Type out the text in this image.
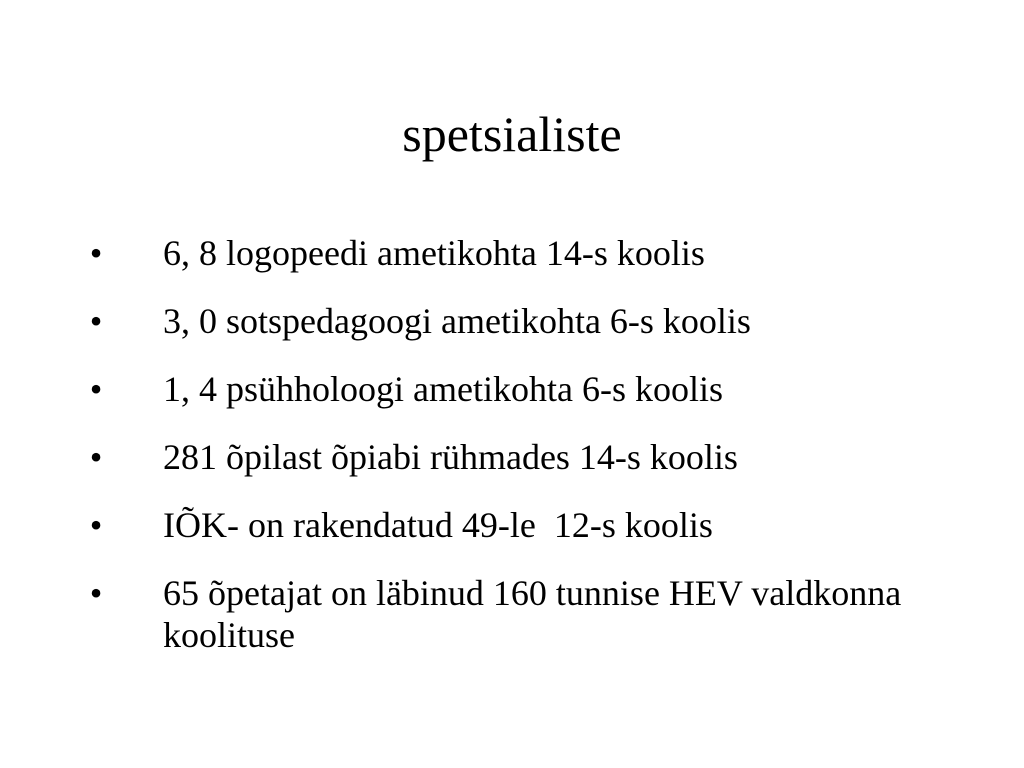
spetsialiste
• 6, 8 logopeedi ametikohta 14-s koolis
• 3, 0 sotspedagoogi ametikohta 6-s koolis
• 1, 4 psühholoogi ametikohta 6-s koolis
• 281 õpilast õpiabi rühmades 14-s koolis
• IÕK- on rakendatud 49-le  12-s koolis
• 65 õpetajat on läbinud 160 tunnise HEV valdkonna koolituse
